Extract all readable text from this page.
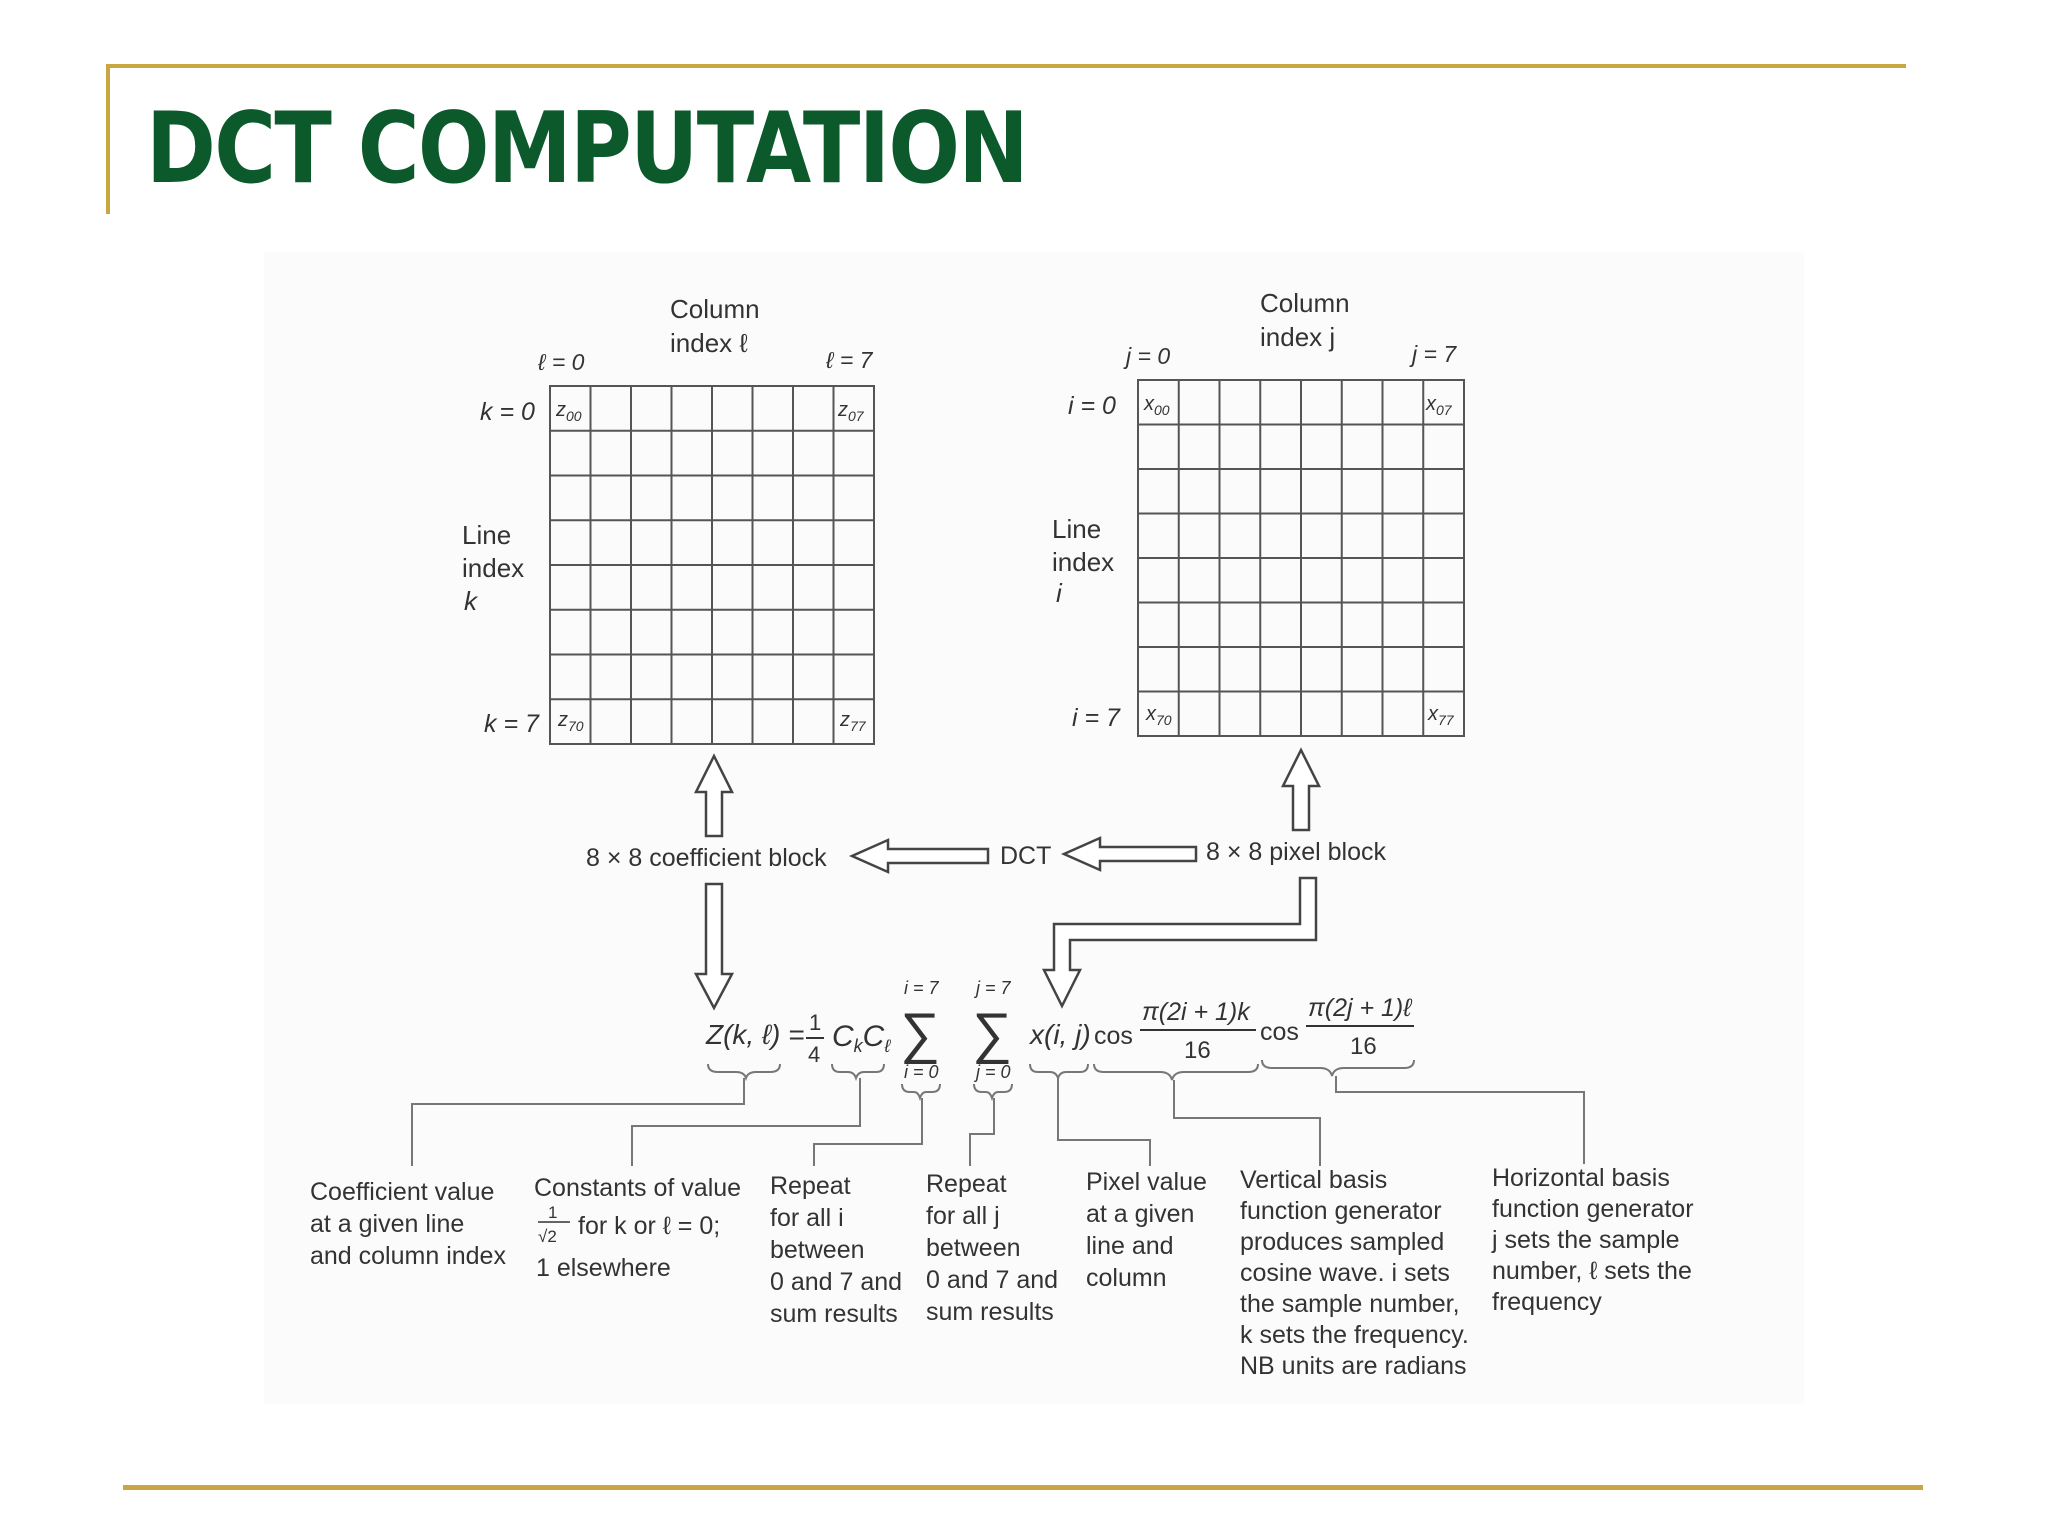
DCT COMPUTATION
Column
index ℓ
ℓ = 0	ℓ = 7
k = 0
k = 7
Line
index
k
$z_{00}$	$z_{07}$
$z_{70}$	$z_{77}$
Column
index j
j = 0	j = 7
i = 0
i = 7
Line
index
i
$x_{00}$	$x_{07}$
$x_{70}$	$x_{77}$
8 × 8 coefficient block	DCT	8 × 8 pixel block
Z(k, ℓ) = 1
4
$C_kC_\ell$
i = 7
∑
i = 0
j = 7
∑
j = 0
x(i, j) cos
π(2i + 1)k
16
cos
π(2j + 1)ℓ
16
Coefficient value at a given line and column index
Constants of value
1
√2 for k or ℓ = 0;
1 elsewhere
Repeat for all i between 0 and 7 and sum results
Repeat for all j between 0 and 7 and sum results
Pixel value at a given line and column
Vertical basis function generator produces sampled cosine wave. i sets the sample number, k sets the frequency. NB units are radians
Horizontal basis function generator j sets the sample number, ℓ sets the frequency
